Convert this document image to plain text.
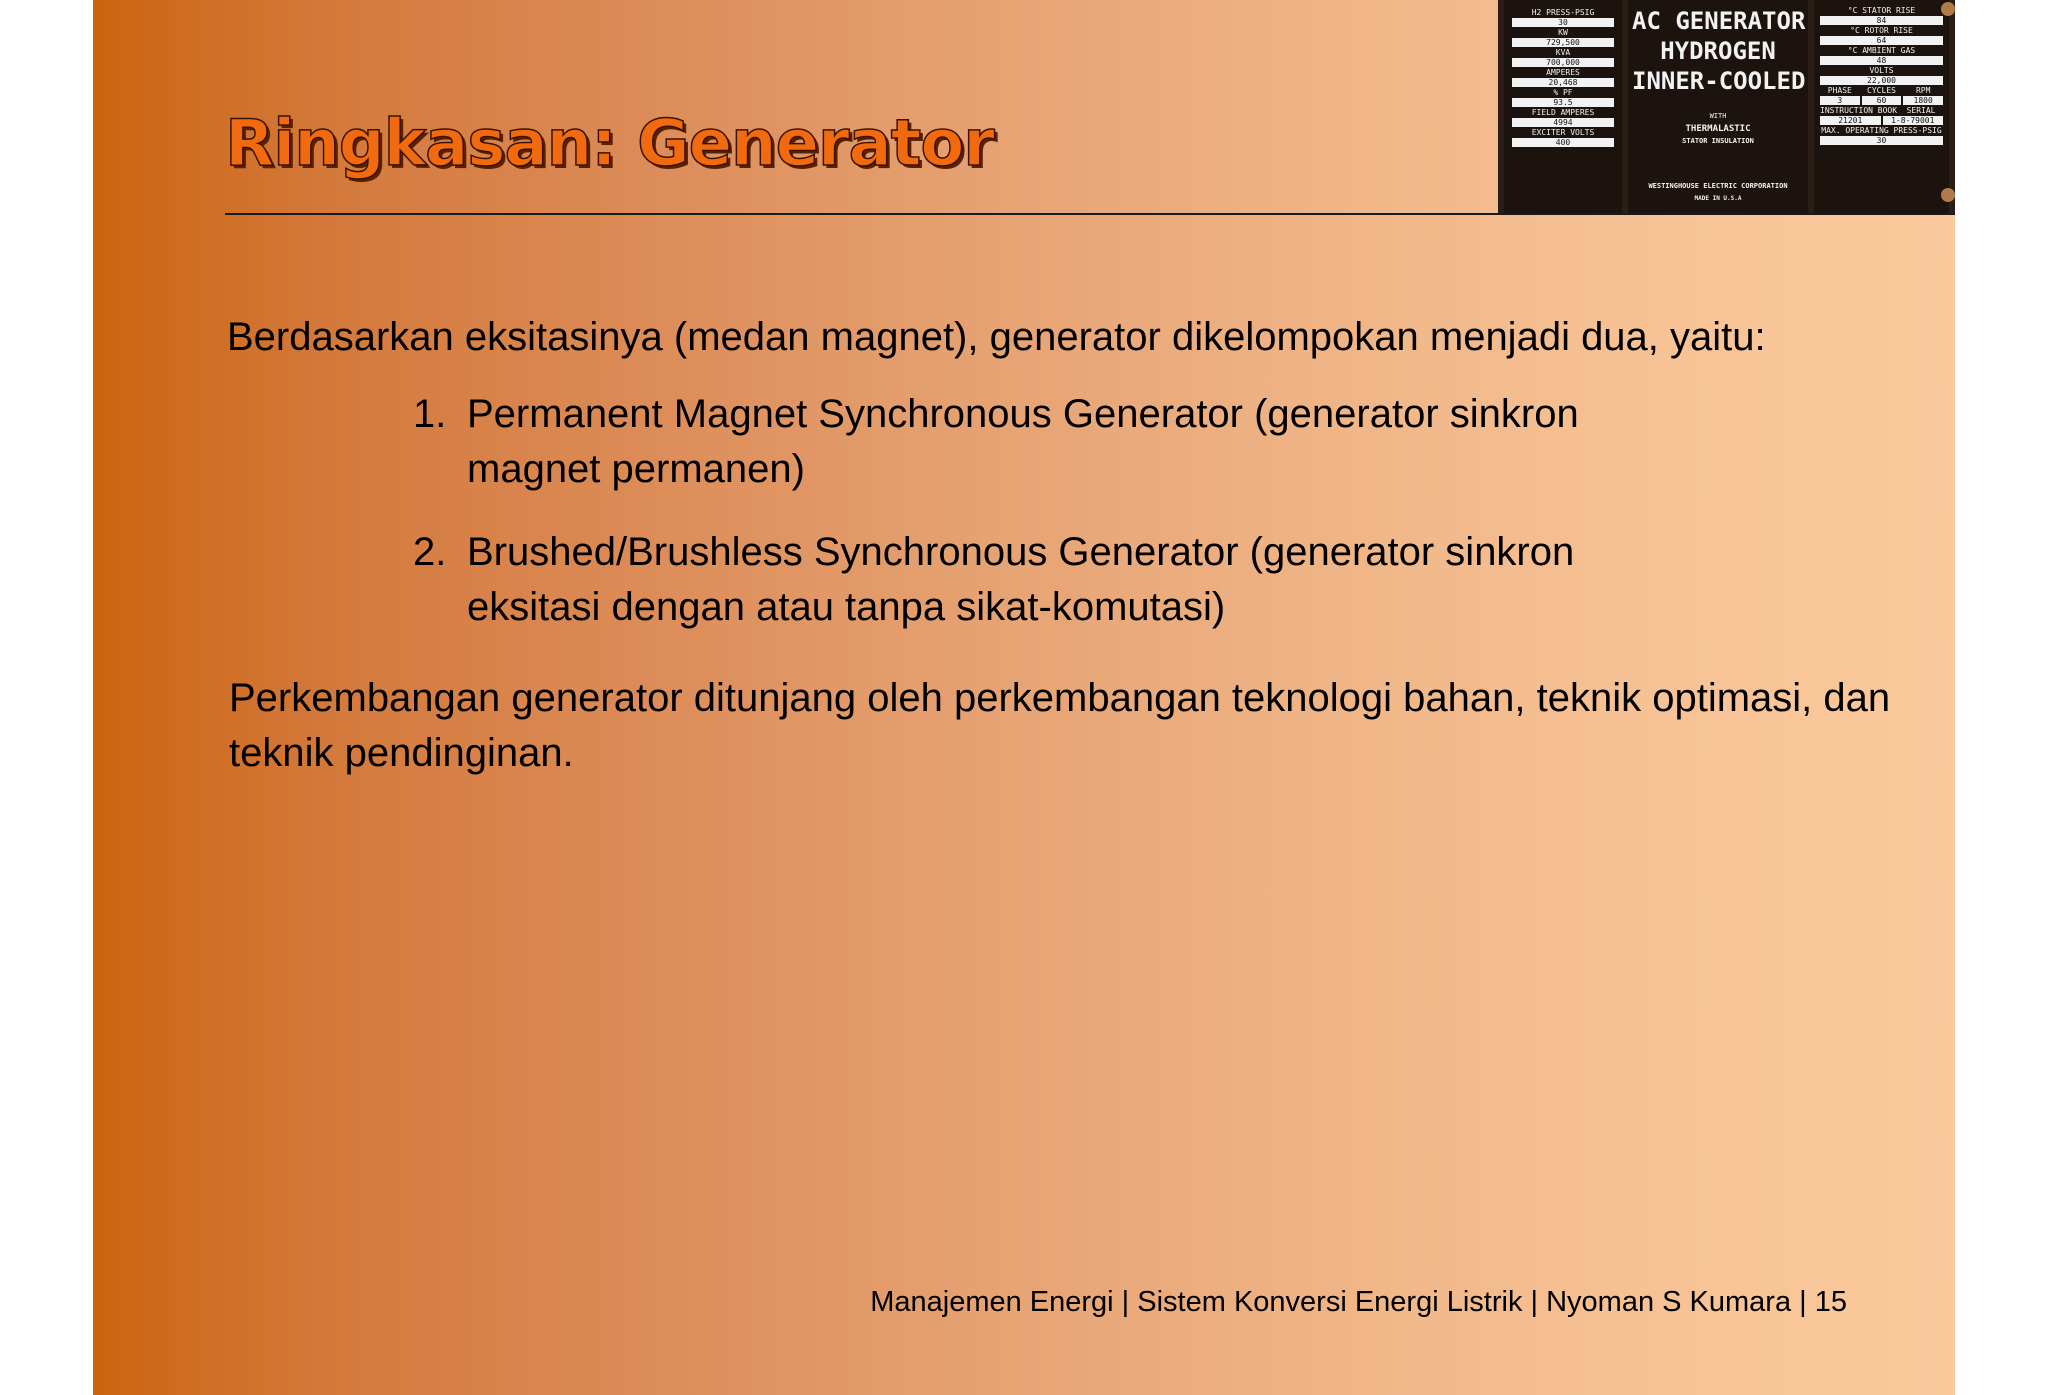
H2 PRESS-PSIG
30
KW
729,500
KVA
700,000
AMPERES
20,468
% PF
93.5
FIELD AMPERES
4994
EXCITER VOLTS
400
AC GENERATOR
HYDROGEN
INNER-COOLED
WITH
THERMALASTIC
STATOR INSULATION
WESTINGHOUSE ELECTRIC CORPORATION
MADE IN U.S.A
°C STATOR RISE
84
°C ROTOR RISE
64
°C AMBIENT GAS
48
VOLTS
22,000
PHASE	CYCLES	RPM
3	60	1800
INSTRUCTION BOOK	SERIAL
21201	1-8-79001
MAX. OPERATING PRESS-PSIG
30
Ringkasan: Generator

Berdasarkan eksitasinya (medan magnet), generator dikelompokan menjadi dua, yaitu:

1. Permanent Magnet Synchronous Generator (generator sinkron magnet permanen)
2. Brushed/Brushless Synchronous Generator (generator sinkron eksitasi dengan atau tanpa sikat-komutasi)

Perkembangan generator ditunjang oleh perkembangan teknologi bahan, teknik optimasi, dan teknik pendinginan.

Manajemen Energi | Sistem Konversi Energi Listrik | Nyoman S Kumara | 15
